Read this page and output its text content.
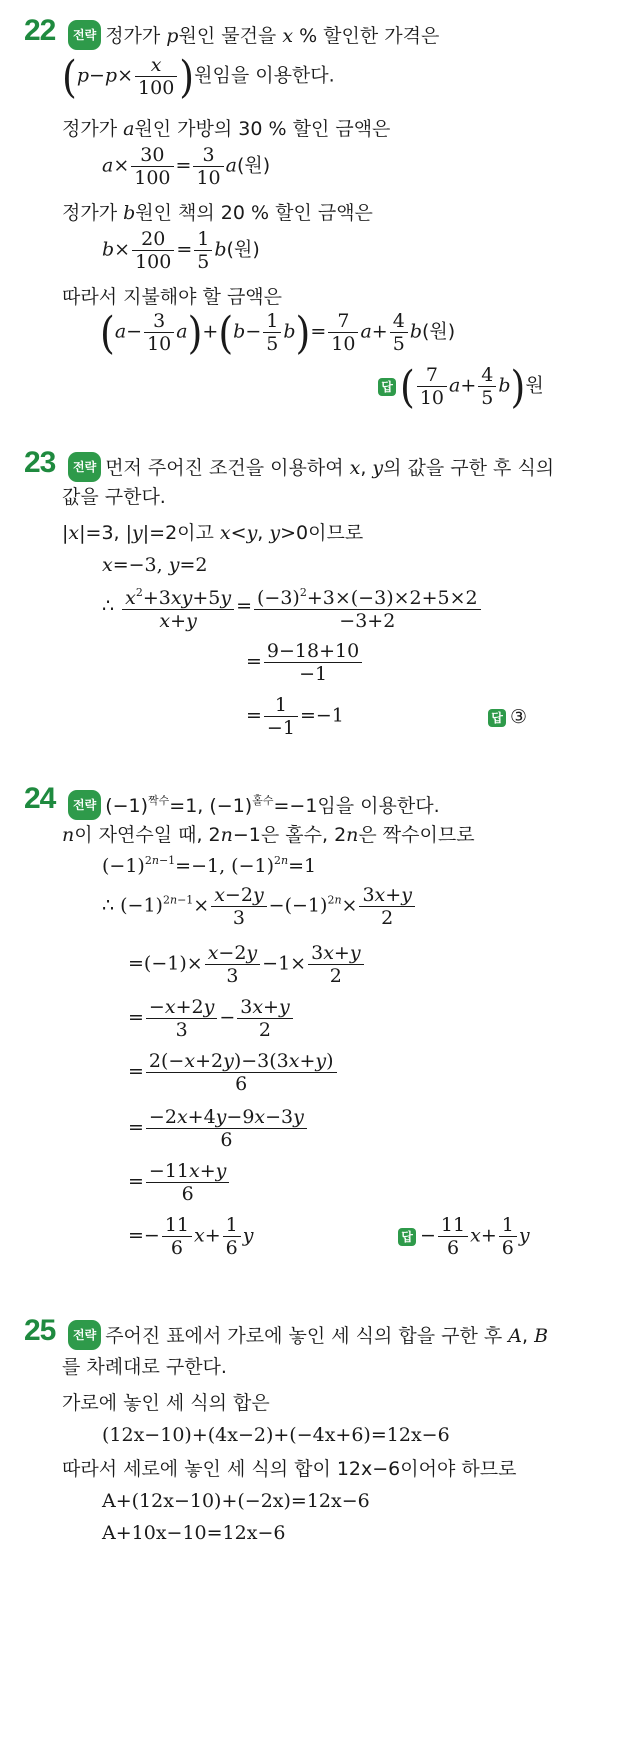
22	전략 정가가 p원인 물건을 x % 할인한 가격은
($p-p\times \frac{x}{100}$ )원임을 이용한다.
정가가 a원인 가방의 30 % 할인 금액은
$a\times \frac{30}{100} = \frac{3}{10} a$(원)
정가가 b원인 책의 20 % 할인 금액은
$b\times \frac{20}{100} = \frac{1}{5} b$(원)
따라서 지불해야 할 금액은
$(a- \frac{3}{10} a)+(b- \frac{1}{5} b)= \frac{7}{10} a+ \frac{4}{5} b$(원)
답 ( $\frac{7}{10} a+ \frac{4}{5} b$)원
23	전략 먼저 주어진 조건을 이용하여 x, y의 값을 구한 후 식의
값을 구한다.
|x|=3, |y|=2이고 x<y, y>0이므로
x=−3, y=2
∴ $\frac{x^2+3xy+5y}{x+y} = \frac{(-3)^2+3\times(-3)\times 2+5\times 2}{-3+2}$
= $\frac{9-18+10}{-1}$
= $\frac{1}{-1} =-1$	답 ③
24	전략 $(-1)^{짝수}=1$, $(-1)^{홀수}=-1$임을 이용한다.
n이 자연수일 때, 2n−1은 홀수, 2n은 짝수이므로
$(-1)^{2n-1}=-1$, $(-1)^{2n}=1$
∴ $(-1)^{2n-1}\times \frac{x-2y}{3} -(-1)^{2n}\times \frac{3x+y}{2}$
$=(-1)\times \frac{x-2y}{3} -1\times \frac{3x+y}{2}$
= $\frac{-x+2y}{3} - \frac{3x+y}{2}$
= $\frac{2(-x+2y)-3(3x+y)}{6}$
= $\frac{-2x+4y-9x-3y}{6}$
= $\frac{-11x+y}{6}$
=− $\frac{11}{6} x+ \frac{1}{6}$ y	답 − $\frac{11}{6} x+ \frac{1}{6}$ y
25	전략 주어진 표에서 가로에 놓인 세 식의 합을 구한 후 A, B
를 차례대로 구한다.
가로에 놓인 세 식의 합은
(12x−10)+(4x−2)+(−4x+6)=12x−6
따라서 세로에 놓인 세 식의 합이 12x−6이어야 하므로
A+(12x−10)+(−2x)=12x−6
A+10x−10=12x−6
